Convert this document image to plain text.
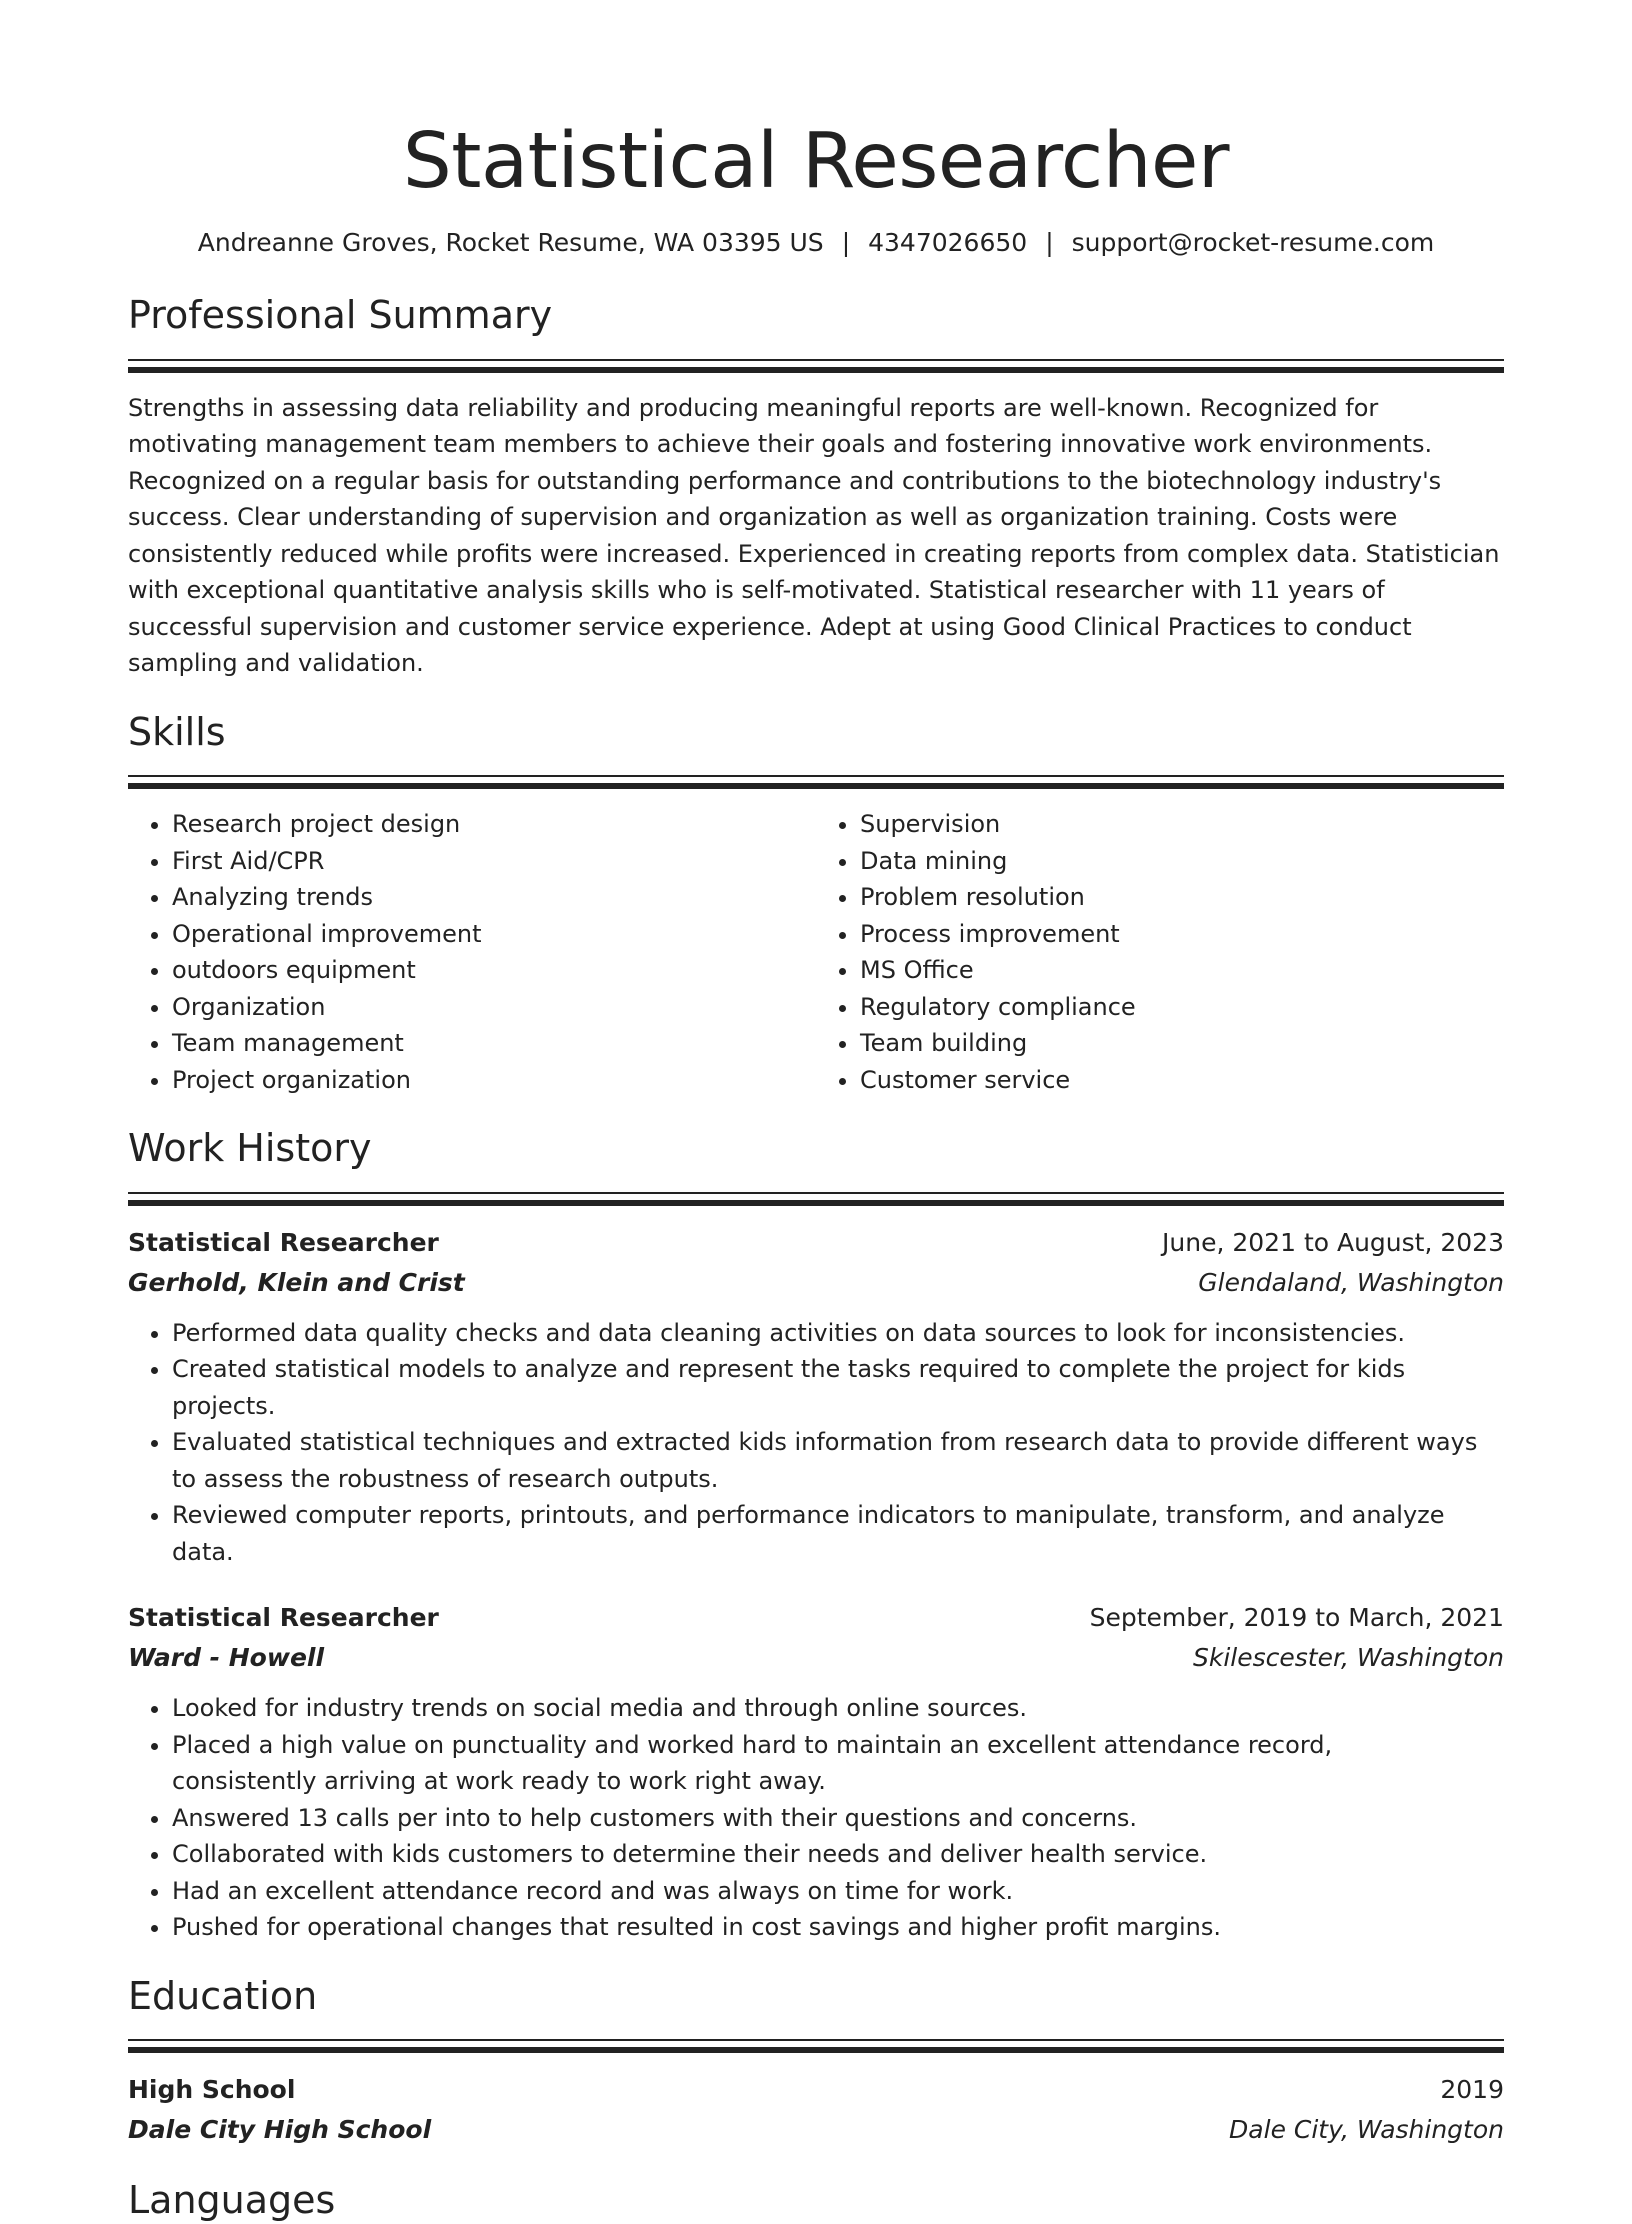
Statistical Researcher
Andreanne Groves, Rocket Resume, WA 03395 US | 4347026650 | support@rocket-resume.com
Professional Summary

Strengths in assessing data reliability and producing meaningful reports are well-known. Recognized for motivating management team members to achieve their goals and fostering innovative work environments. Recognized on a regular basis for outstanding performance and contributions to the biotechnology industry's success. Clear understanding of supervision and organization as well as organization training. Costs were consistently reduced while profits were increased. Experienced in creating reports from complex data. Statistician with exceptional quantitative analysis skills who is self-motivated. Statistical researcher with 11 years of successful supervision and customer service experience. Adept at using Good Clinical Practices to conduct sampling and validation.

Skills
• Research project design
• First Aid/CPR
• Analyzing trends
• Operational improvement
• outdoors equipment
• Organization
• Team management
• Project organization
• Supervision
• Data mining
• Problem resolution
• Process improvement
• MS Office
• Regulatory compliance
• Team building
• Customer service
Work History
Statistical Researcher	June, 2021 to August, 2023
Gerhold, Klein and Crist	Glendaland, Washington
• Performed data quality checks and data cleaning activities on data sources to look for inconsistencies.
• Created statistical models to analyze and represent the tasks required to complete the project for kids projects.
• Evaluated statistical techniques and extracted kids information from research data to provide different ways to assess the robustness of research outputs.
• Reviewed computer reports, printouts, and performance indicators to manipulate, transform, and analyze data.
Statistical Researcher	September, 2019 to March, 2021
Ward - Howell	Skilescester, Washington
• Looked for industry trends on social media and through online sources.
• Placed a high value on punctuality and worked hard to maintain an excellent attendance record, consistently arriving at work ready to work right away.
• Answered 13 calls per into to help customers with their questions and concerns.
• Collaborated with kids customers to determine their needs and deliver health service.
• Had an excellent attendance record and was always on time for work.
• Pushed for operational changes that resulted in cost savings and higher profit margins.
Education
High School	2019
Dale City High School	Dale City, Washington
Languages
